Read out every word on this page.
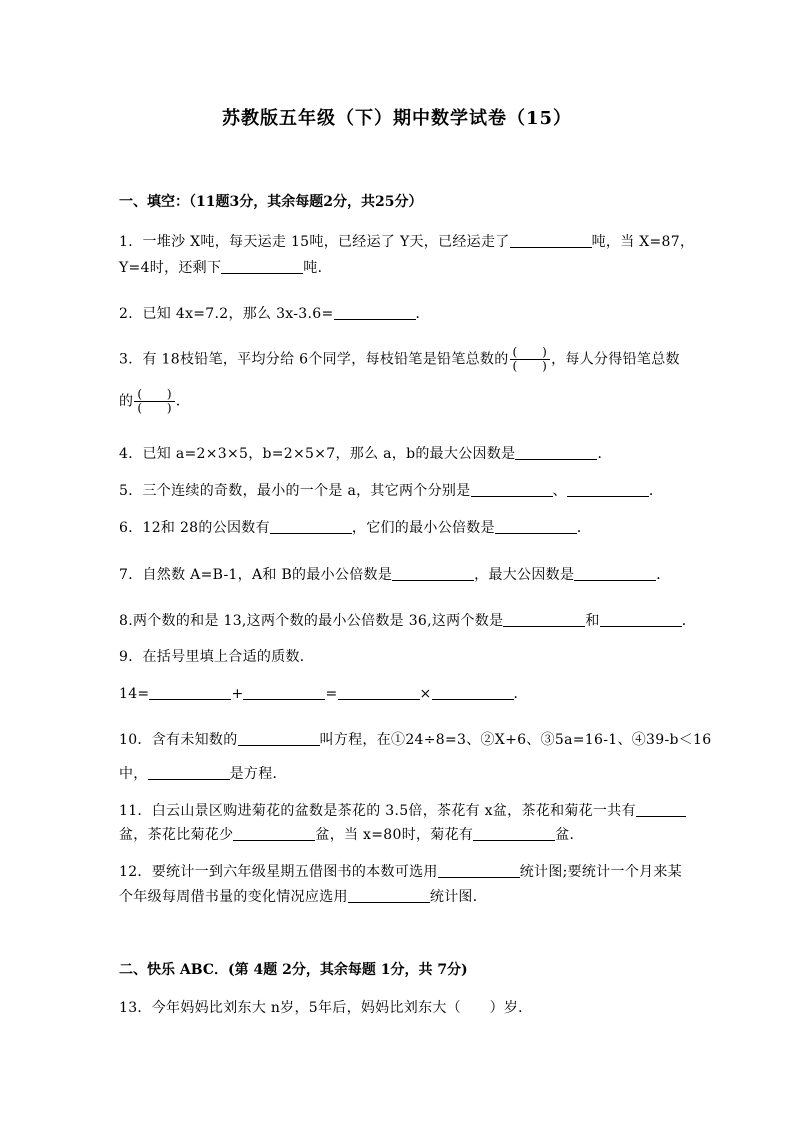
苏教版五年级（下）期中数学试卷（15）
一、填空：（11题3分，其余每题2分，共25分）
1．一堆沙 X吨，每天运走 15吨，已经运了 Y天，已经运走了	吨，当 X=87，
Y=4时，还剩下	吨．
2．已知 4x=7.2，那么 3x-3.6=	．
3．有 18枝铅笔，平均分给 6个同学，每枝铅笔是铅笔总数的 $\frac{( )}{( )}$ ，每人分得铅笔总数
的 $\frac{( )}{( )}$ ．
4．已知 a=2×3×5，b=2×5×7，那么 a，b的最大公因数是	．
5．三个连续的奇数，最小的一个是 a，其它两个分别是	、	．
6．12和 28的公因数有	，它们的最小公倍数是	．
7．自然数 A=B-1，A和 B的最小公倍数是	，最大公因数是	．
8.两个数的和是 13,这两个数的最小公倍数是 36,这两个数是	和	．
9．在括号里填上合适的质数．
14=	+	=	×	．
10．含有未知数的	叫方程，在①24÷8=3、②X+6、③5a=16-1、④39-b＜16
中，	是方程．
11．白云山景区购进菊花的盆数是茶花的 3.5倍，茶花有 x盆，茶花和菊花一共有
盆，茶花比菊花少	盆，当 x=80时，菊花有	盆．
12．要统计一到六年级星期五借图书的本数可选用	统计图;要统计一个月来某
个年级每周借书量的变化情况应选用	统计图．
二、快乐 ABC．(第 4题 2分，其余每题 1分，共 7分)
13．今年妈妈比刘东大 n岁，5年后，妈妈比刘东大（　　）岁．
